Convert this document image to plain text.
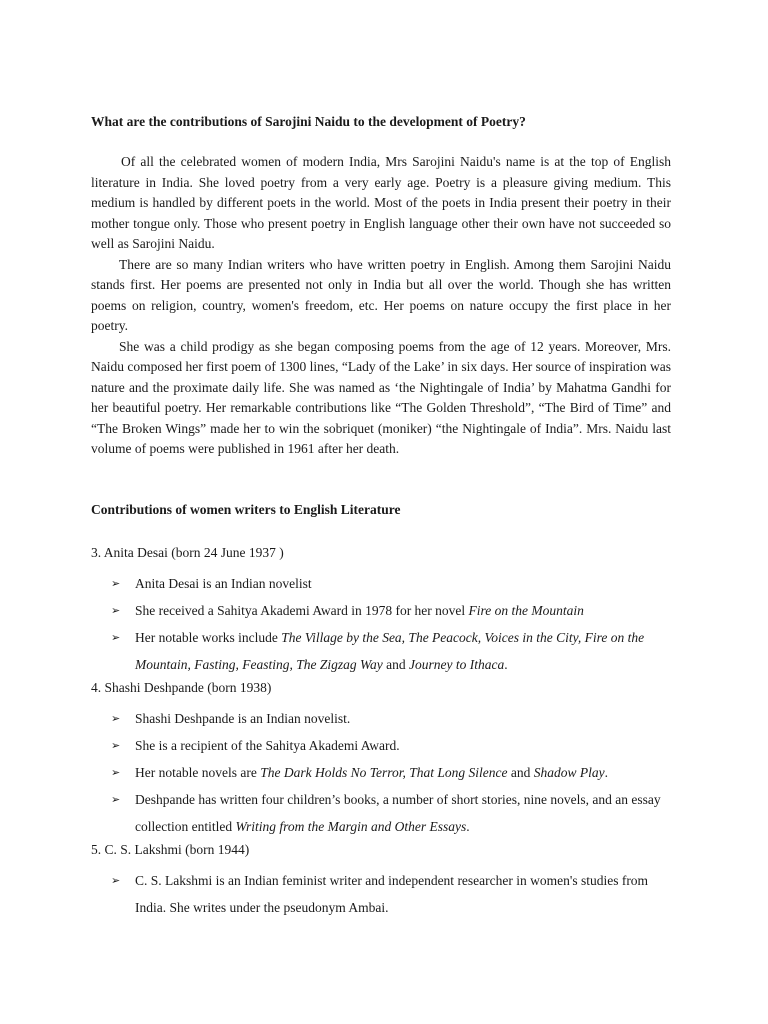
What are the contributions of Sarojini Naidu to the development of Poetry?

Of all the celebrated women of modern India, Mrs Sarojini Naidu's name is at the top of English literature in India. She loved poetry from a very early age. Poetry is a pleasure giving medium. This medium is handled by different poets in the world. Most of the poets in India present their poetry in their mother tongue only. Those who present poetry in English language other their own have not succeeded so well as Sarojini Naidu.

There are so many Indian writers who have written poetry in English. Among them Sarojini Naidu stands first. Her poems are presented not only in India but all over the world. Though she has written poems on religion, country, women's freedom, etc. Her poems on nature occupy the first place in her poetry.

She was a child prodigy as she began composing poems from the age of 12 years. Moreover, Mrs. Naidu composed her first poem of 1300 lines, “Lady of the Lake’ in six days. Her source of inspiration was nature and the proximate daily life. She was named as ‘the Nightingale of India’ by Mahatma Gandhi for her beautiful poetry. Her remarkable contributions like “The Golden Threshold”, “The Bird of Time” and “The Broken Wings” made her to win the sobriquet (moniker) “the Nightingale of India”. Mrs. Naidu last volume of poems were published in 1961 after her death.

Contributions of women writers to English Literature
3. Anita Desai (born 24 June 1937 )
➢ Anita Desai is an Indian novelist
➢ She received a Sahitya Akademi Award in 1978 for her novel Fire on the Mountain
➢ Her notable works include The Village by the Sea, The Peacock, Voices in the City, Fire on the Mountain, Fasting, Feasting, The Zigzag Way and Journey to Ithaca.
4. Shashi Deshpande (born 1938)
➢ Shashi Deshpande is an Indian novelist.
➢ She is a recipient of the Sahitya Akademi Award.
➢ Her notable novels are The Dark Holds No Terror, That Long Silence and Shadow Play.
➢ Deshpande has written four children’s books, a number of short stories, nine novels, and an essay collection entitled Writing from the Margin and Other Essays.
5. C. S. Lakshmi (born 1944)
➢ C. S. Lakshmi is an Indian feminist writer and independent researcher in women's studies from India. She writes under the pseudonym Ambai.
